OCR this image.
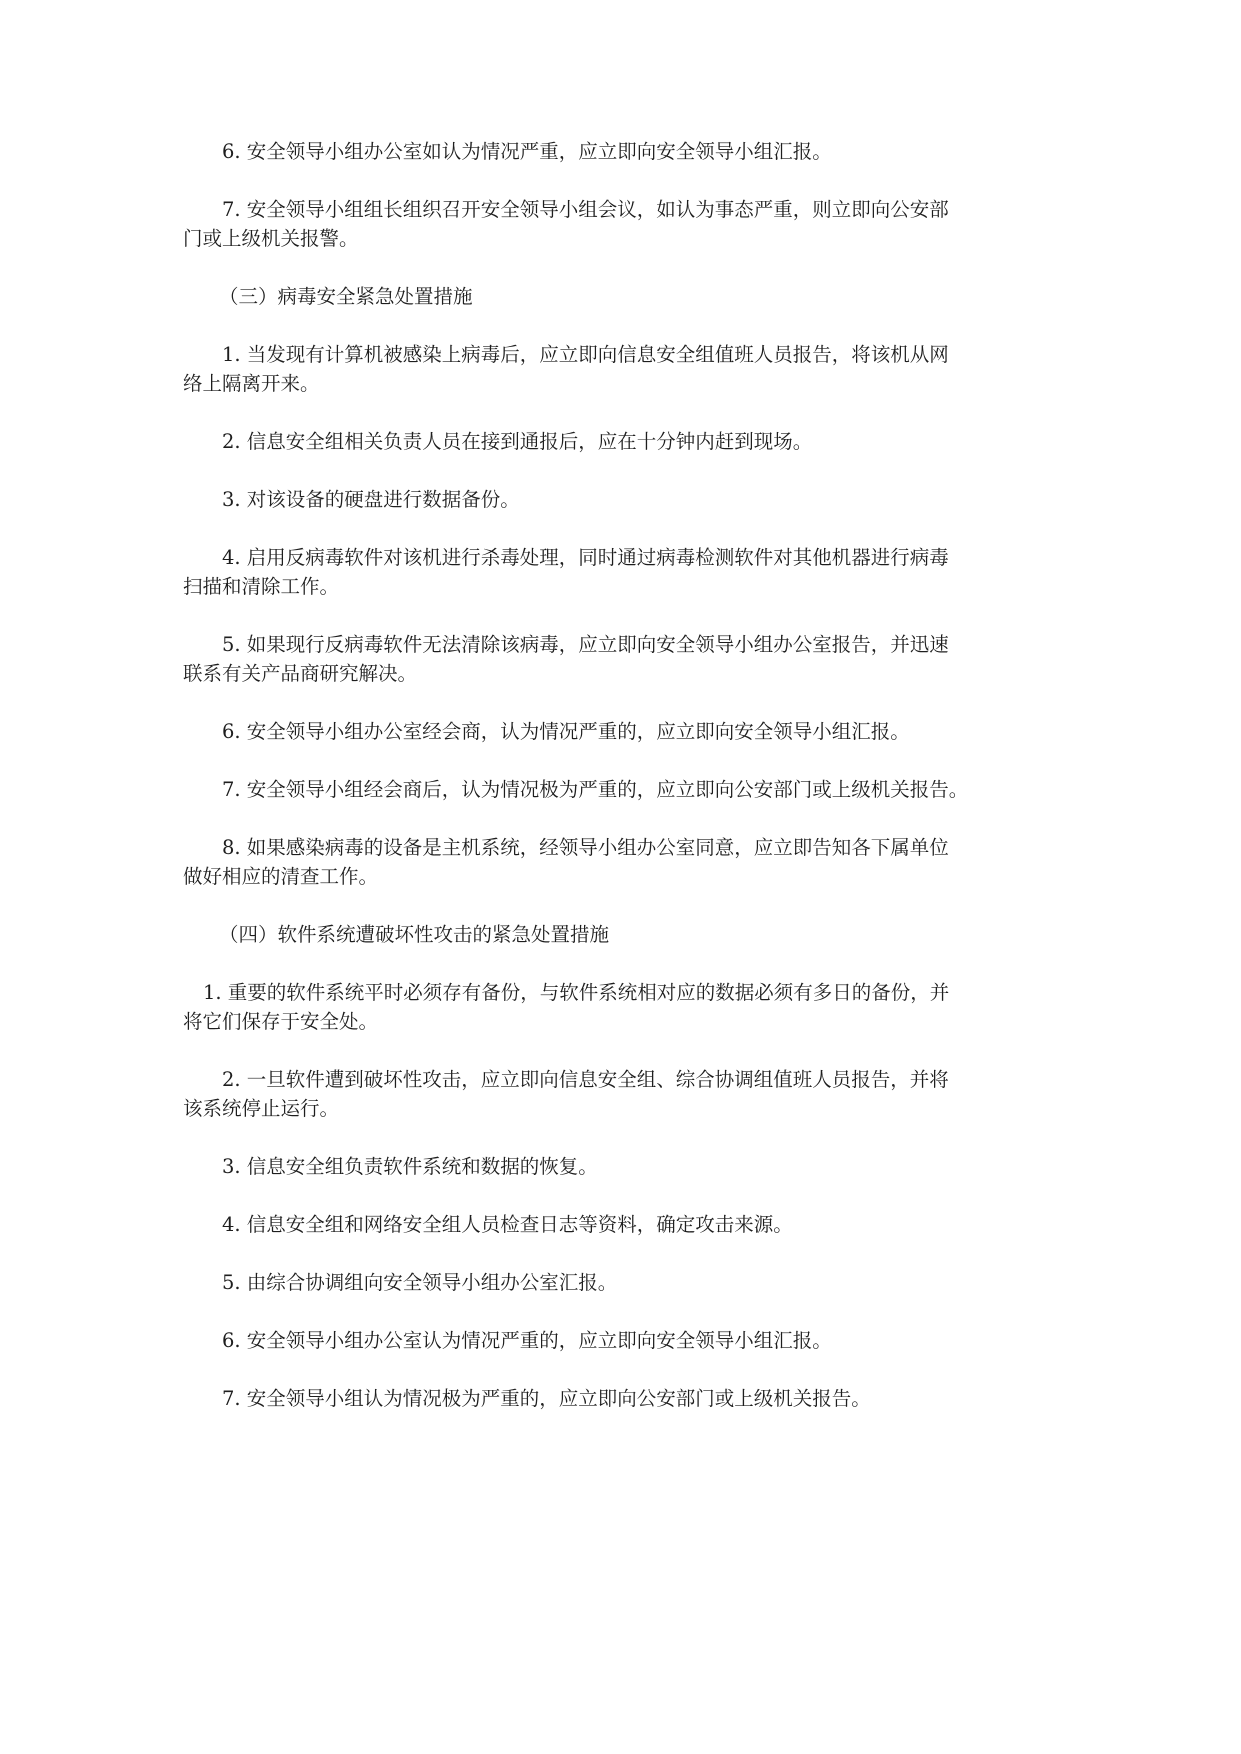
6. 安全领导小组办公室如认为情况严重，应立即向安全领导小组汇报。
7. 安全领导小组组长组织召开安全领导小组会议，如认为事态严重，则立即向公安部
门或上级机关报警。
（三）病毒安全紧急处置措施
1. 当发现有计算机被感染上病毒后，应立即向信息安全组值班人员报告，将该机从网
络上隔离开来。
2. 信息安全组相关负责人员在接到通报后，应在十分钟内赶到现场。
3. 对该设备的硬盘进行数据备份。
4. 启用反病毒软件对该机进行杀毒处理，同时通过病毒检测软件对其他机器进行病毒
扫描和清除工作。
5. 如果现行反病毒软件无法清除该病毒，应立即向安全领导小组办公室报告，并迅速
联系有关产品商研究解决。
6. 安全领导小组办公室经会商，认为情况严重的，应立即向安全领导小组汇报。
7. 安全领导小组经会商后，认为情况极为严重的，应立即向公安部门或上级机关报告。
8. 如果感染病毒的设备是主机系统，经领导小组办公室同意，应立即告知各下属单位
做好相应的清查工作。
（四）软件系统遭破坏性攻击的紧急处置措施
1. 重要的软件系统平时必须存有备份，与软件系统相对应的数据必须有多日的备份，并
将它们保存于安全处。
2. 一旦软件遭到破坏性攻击，应立即向信息安全组、综合协调组值班人员报告，并将
该系统停止运行。
3. 信息安全组负责软件系统和数据的恢复。
4. 信息安全组和网络安全组人员检查日志等资料，确定攻击来源。
5. 由综合协调组向安全领导小组办公室汇报。
6. 安全领导小组办公室认为情况严重的，应立即向安全领导小组汇报。
7. 安全领导小组认为情况极为严重的，应立即向公安部门或上级机关报告。
